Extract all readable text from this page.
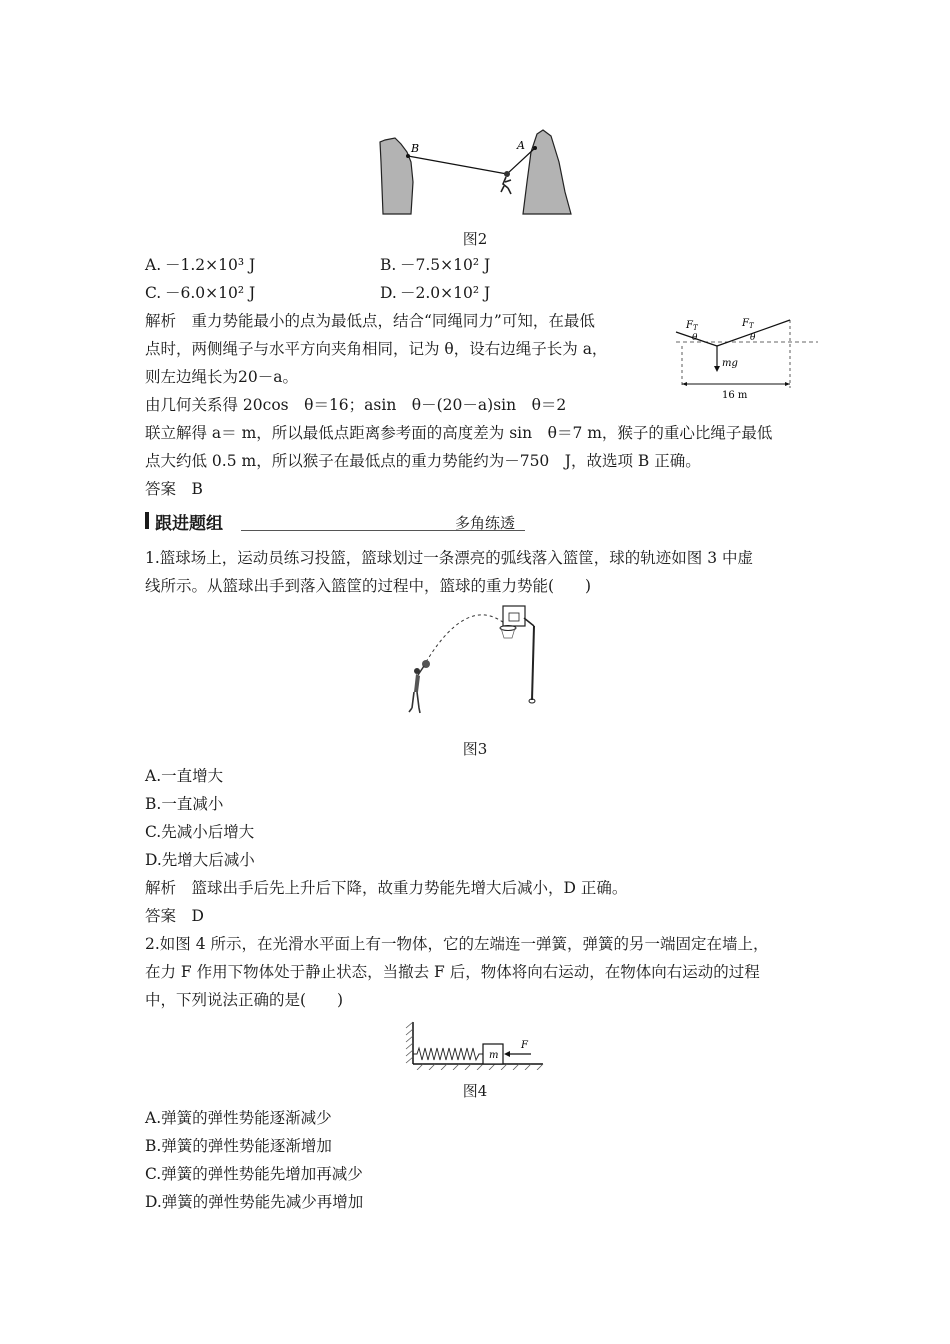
B	A
图2
A. －1.2×10³ J	B. －7.5×10² J
C. －6.0×10² J	D. －2.0×10² J
解析　重力势能最小的点为最低点，结合“同绳同力”可知，在最低
点时，两侧绳子与水平方向夹角相同，记为 θ，设右边绳子长为 a，
则左边绳长为20－a。
由几何关系得 20cos　θ＝16；asin　θ－(20－a)sin　θ＝2
联立解得 a＝ m，所以最低点距离参考面的高度差为 sin　θ＝7 m，猴子的重心比绳子最低
点大约低 0.5 m，所以猴子在最低点的重力势能约为－750　J，故选项 B 正确。
答案　B
$F_T$	$F_T$
θ	θ
mg
16 m
跟进题组	多角练透
1.篮球场上，运动员练习投篮，篮球划过一条漂亮的弧线落入篮筐，球的轨迹如图 3 中虚
线所示。从篮球出手到落入篮筐的过程中，篮球的重力势能(　　)
图3
A.一直增大
B.一直减小
C.先减小后增大
D.先增大后减小
解析　篮球出手后先上升后下降，故重力势能先增大后减小，D 正确。
答案　D
2.如图 4 所示，在光滑水平面上有一物体，它的左端连一弹簧，弹簧的另一端固定在墙上，
在力 F 作用下物体处于静止状态，当撤去 F 后，物体将向右运动，在物体向右运动的过程
中，下列说法正确的是(　　)
m
F
图4
A.弹簧的弹性势能逐渐减少
B.弹簧的弹性势能逐渐增加
C.弹簧的弹性势能先增加再减少
D.弹簧的弹性势能先减少再增加
